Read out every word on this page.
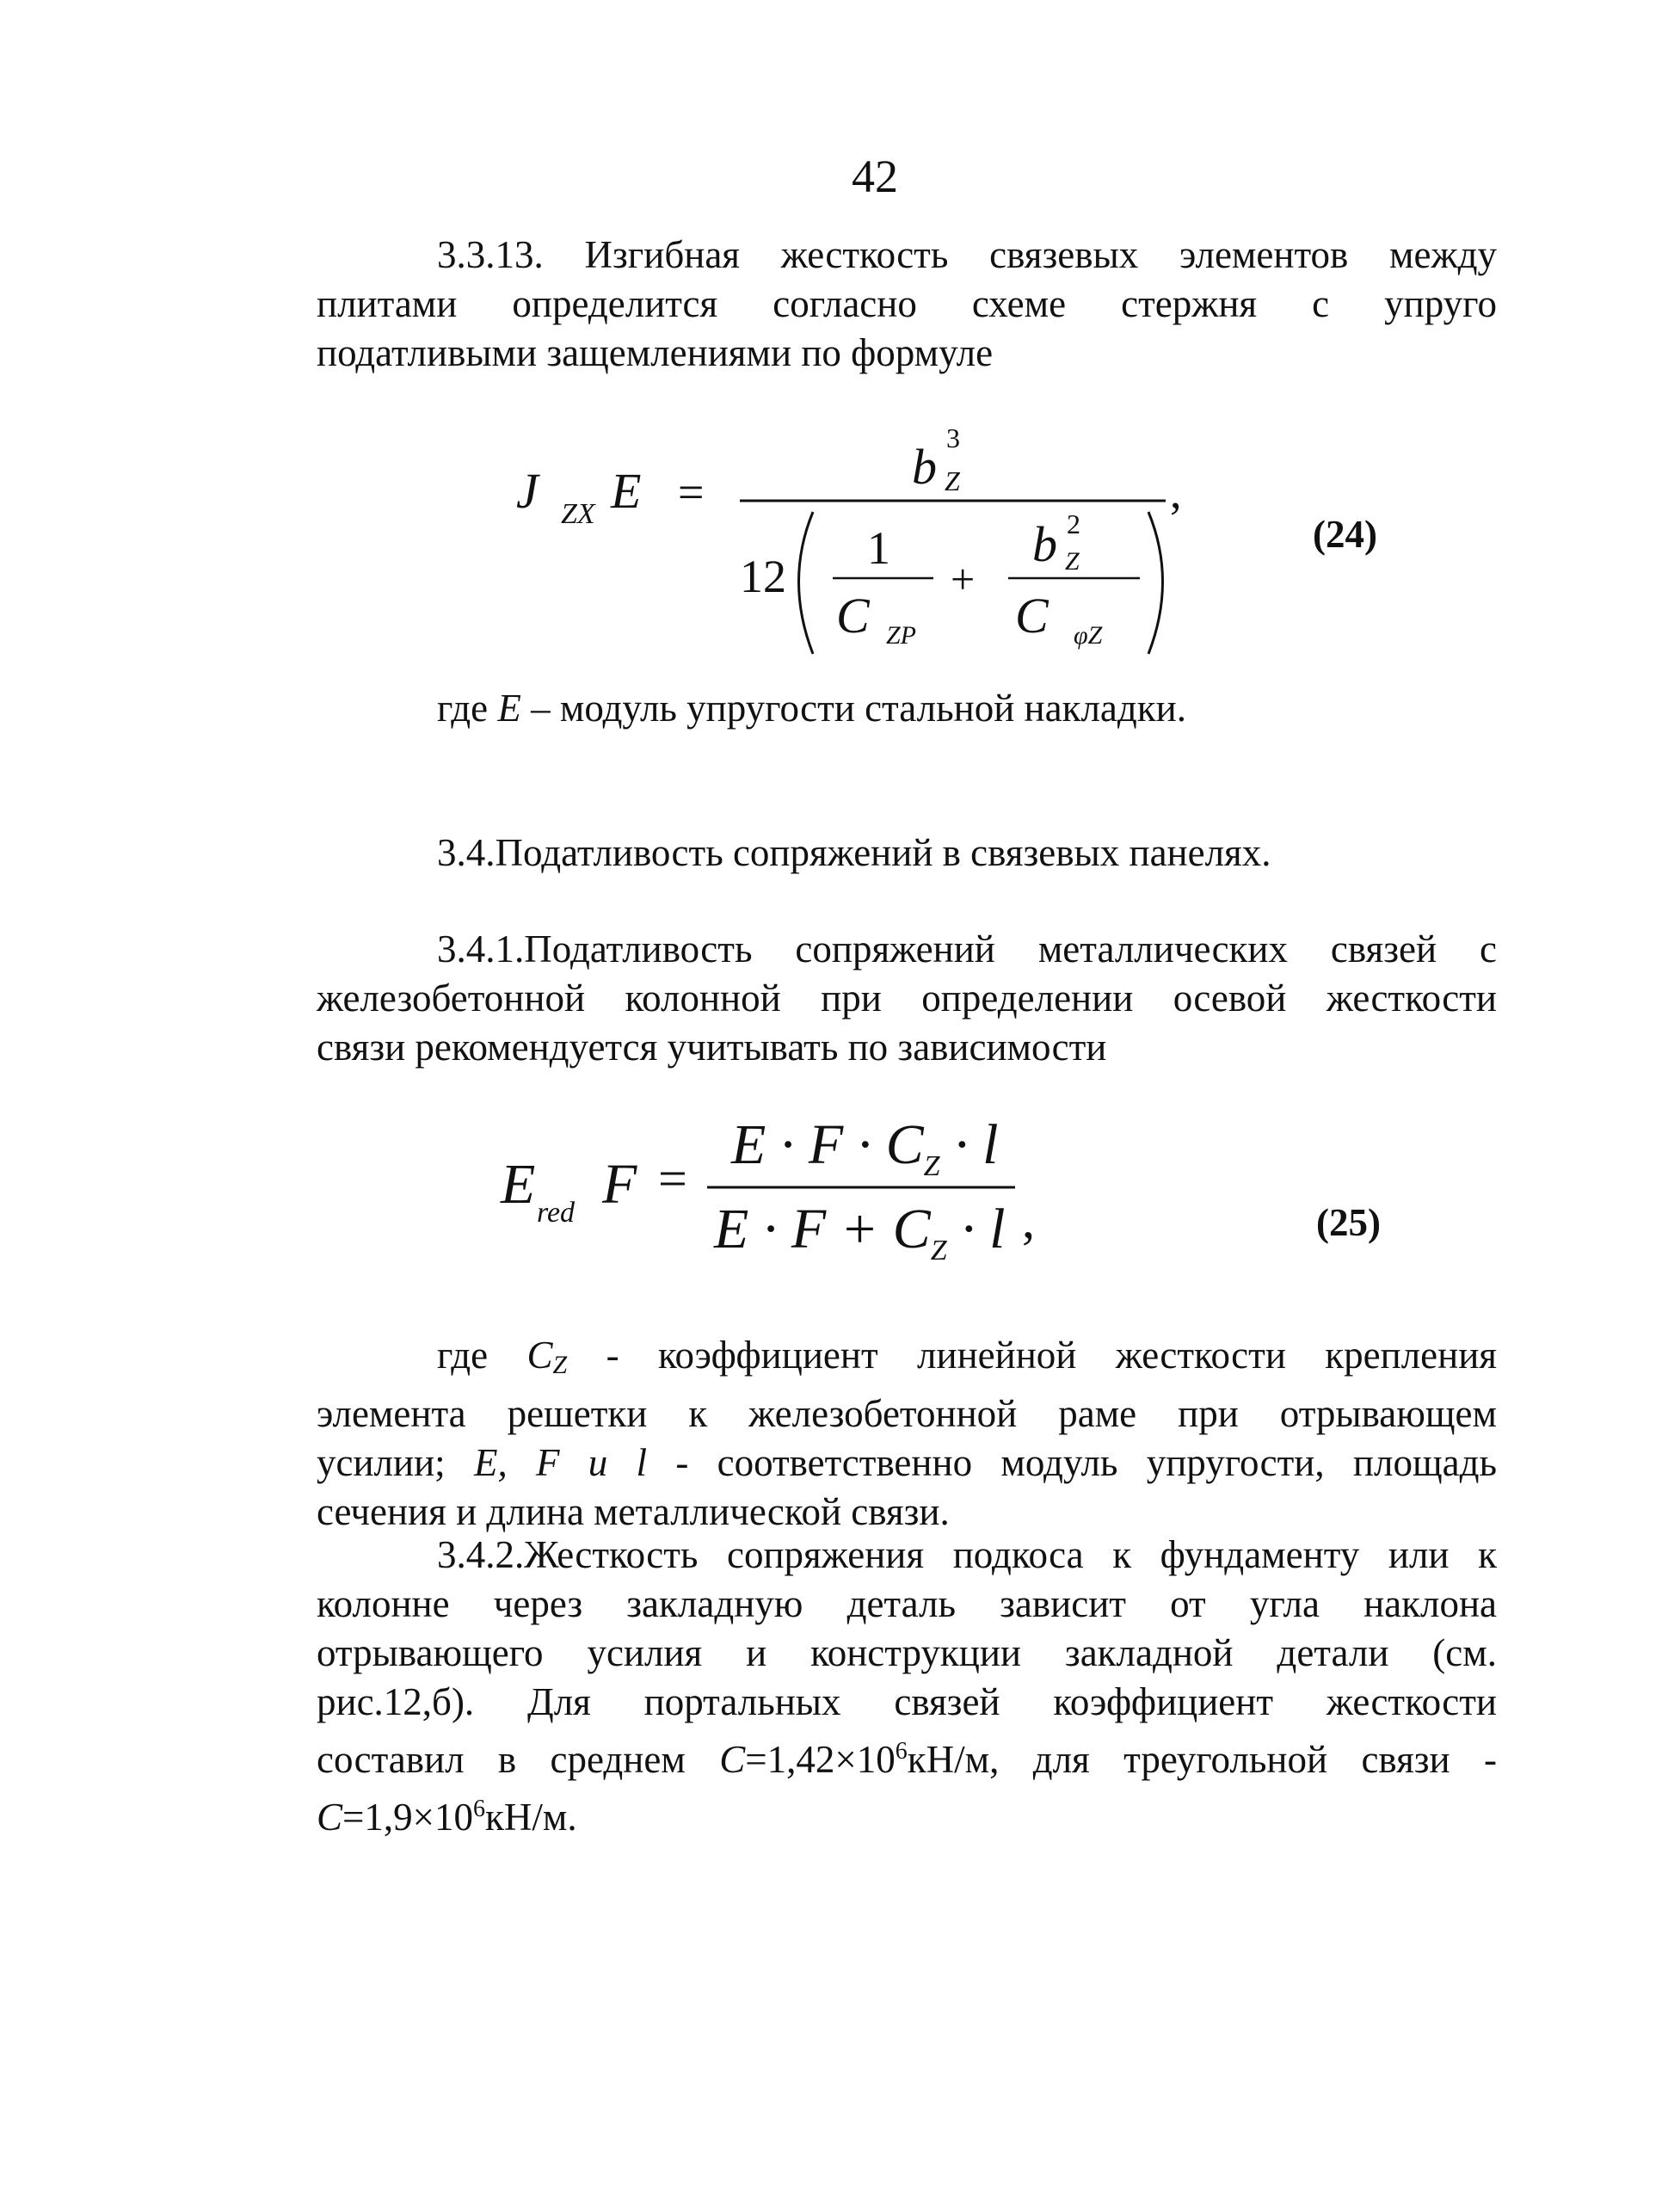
42
3.3.13. Изгибная жесткость связевых элементов между
плитами определится согласно схеме стержня с упруго
податливыми защемлениями по формуле
J ZX E =	b
3
Z	,
12
1
C ZP
+
b 2
Z
C φZ
(24)
где E – модуль упругости стальной накладки.
3.4.Податливость сопряжений в связевых панелях.
3.4.1.Податливость сопряжений металлических связей с
железобетонной колонной при определении осевой жесткости
связи рекомендуется учитывать по зависимости
E red F =
$E \cdot F \cdot C_Z \cdot l$
$E \cdot F + C_Z \cdot l$ ,	(25)
где CZ - коэффициент линейной жесткости крепления
элемента решетки к железобетонной раме при отрывающем
усилии; E, F и l - соответственно модуль упругости, площадь
сечения и длина металлической связи.
3.4.2.Жесткость сопряжения подкоса к фундаменту или к
колонне через закладную деталь зависит от угла наклона
отрывающего усилия и конструкции закладной детали (см.
рис.12,б). Для портальных связей коэффициент жесткости
составил в среднем $C=1,42\times 10^6кН/м$, для треугольной связи -
$C=1,9\times 10^6кН/м$.
